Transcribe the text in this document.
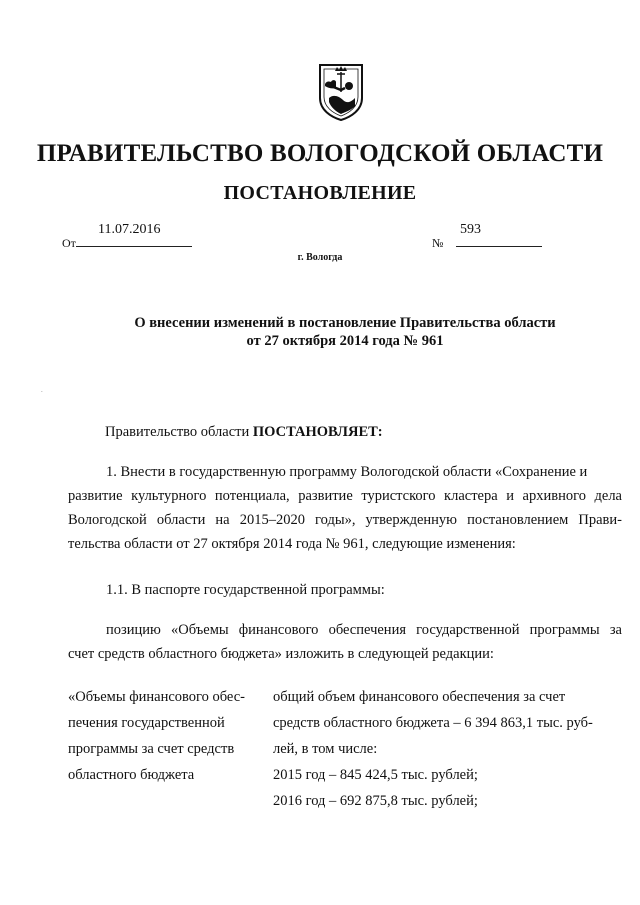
ПРАВИТЕЛЬСТВО ВОЛОГОДСКОЙ ОБЛАСТИ
ПОСТАНОВЛЕНИЕ
От
11.07.2016
№
593
г. Вологда
О внесении изменений в постановление Правительства области
от 27 октября 2014 года № 961
.
Правительство области ПОСТАНОВЛЯЕТ:
1. Внести в государственную программу Вологодской области «Сохранение и
развитие культурного потенциала, развитие туристского кластера и архивного дела
Вологодской области на 2015–2020 годы», утвержденную постановлением Прави-
тельства области от 27 октября 2014 года № 961, следующие изменения:
1.1. В паспорте государственной программы:
позицию «Объемы финансового обеспечения государственной программы за
счет средств областного бюджета» изложить в следующей редакции:
«Объемы финансового обес-
печения государственной
программы за счет средств
областного бюджета
общий объем финансового обеспечения за счет
средств областного бюджета – 6 394 863,1 тыс. руб-
лей, в том числе:
2015 год – 845 424,5 тыс. рублей;
2016 год – 692 875,8 тыс. рублей;
